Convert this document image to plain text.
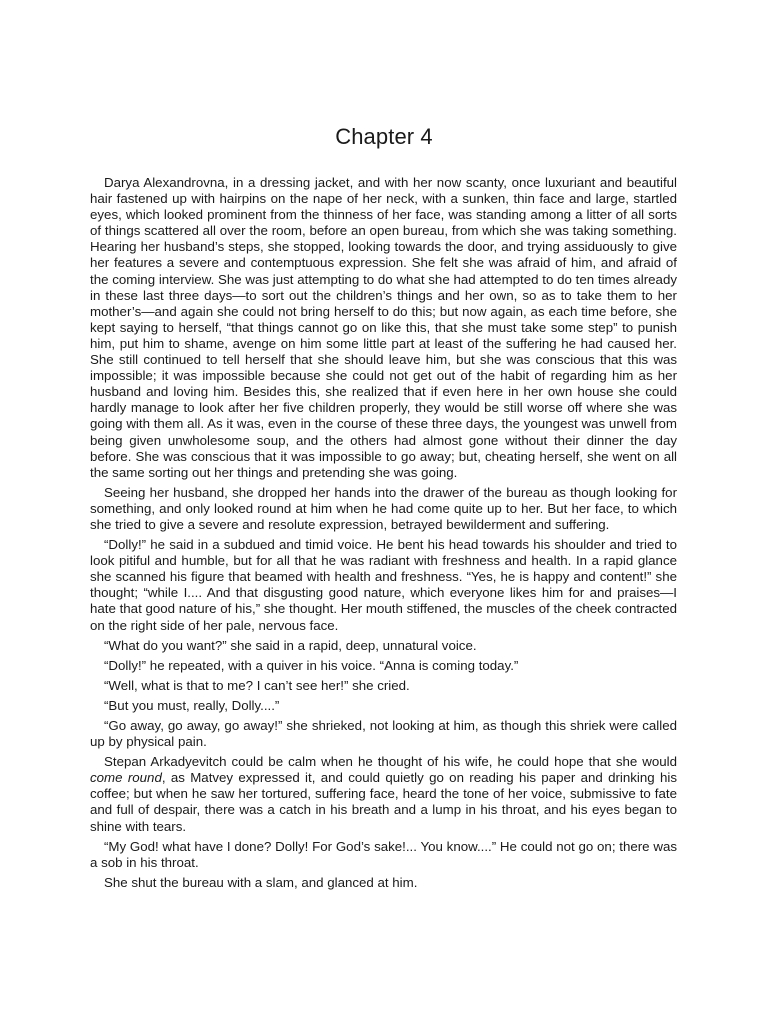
Chapter 4

Darya Alexandrovna, in a dressing jacket, and with her now scanty, once luxuriant and beautiful hair fastened up with hairpins on the nape of her neck, with a sunken, thin face and large, startled eyes, which looked prominent from the thinness of her face, was standing among a litter of all sorts of things scattered all over the room, before an open bureau, from which she was taking something. Hearing her husband’s steps, she stopped, looking towards the door, and trying assiduously to give her features a severe and contemptuous expression. She felt she was afraid of him, and afraid of the coming interview. She was just attempting to do what she had attempted to do ten times already in these last three days—to sort out the children’s things and her own, so as to take them to her mother’s—and again she could not bring herself to do this; but now again, as each time before, she kept saying to herself, “that things cannot go on like this, that she must take some step” to punish him, put him to shame, avenge on him some little part at least of the suffering he had caused her. She still continued to tell herself that she should leave him, but she was conscious that this was impossible; it was impossible because she could not get out of the habit of regarding him as her husband and loving him. Besides this, she realized that if even here in her own house she could hardly manage to look after her five children properly, they would be still worse off where she was going with them all. As it was, even in the course of these three days, the youngest was unwell from being given unwholesome soup, and the others had almost gone without their dinner the day before. She was conscious that it was impossible to go away; but, cheating herself, she went on all the same sorting out her things and pretending she was going.

Seeing her husband, she dropped her hands into the drawer of the bureau as though looking for something, and only looked round at him when he had come quite up to her. But her face, to which she tried to give a severe and resolute expression, betrayed bewilderment and suffering.

“Dolly!” he said in a subdued and timid voice. He bent his head towards his shoulder and tried to look pitiful and humble, but for all that he was radiant with freshness and health. In a rapid glance she scanned his figure that beamed with health and freshness. “Yes, he is happy and content!” she thought; “while I.... And that disgusting good nature, which everyone likes him for and praises—I hate that good nature of his,” she thought. Her mouth stiffened, the muscles of the cheek contracted on the right side of her pale, nervous face.

“What do you want?” she said in a rapid, deep, unnatural voice.

“Dolly!” he repeated, with a quiver in his voice. “Anna is coming today.”

“Well, what is that to me? I can’t see her!” she cried.

“But you must, really, Dolly....”

“Go away, go away, go away!” she shrieked, not looking at him, as though this shriek were called up by physical pain.

Stepan Arkadyevitch could be calm when he thought of his wife, he could hope that she would come round, as Matvey expressed it, and could quietly go on reading his paper and drinking his coffee; but when he saw her tortured, suffering face, heard the tone of her voice, submissive to fate and full of despair, there was a catch in his breath and a lump in his throat, and his eyes began to shine with tears.

“My God! what have I done? Dolly! For God’s sake!... You know....” He could not go on; there was a sob in his throat.

She shut the bureau with a slam, and glanced at him.
